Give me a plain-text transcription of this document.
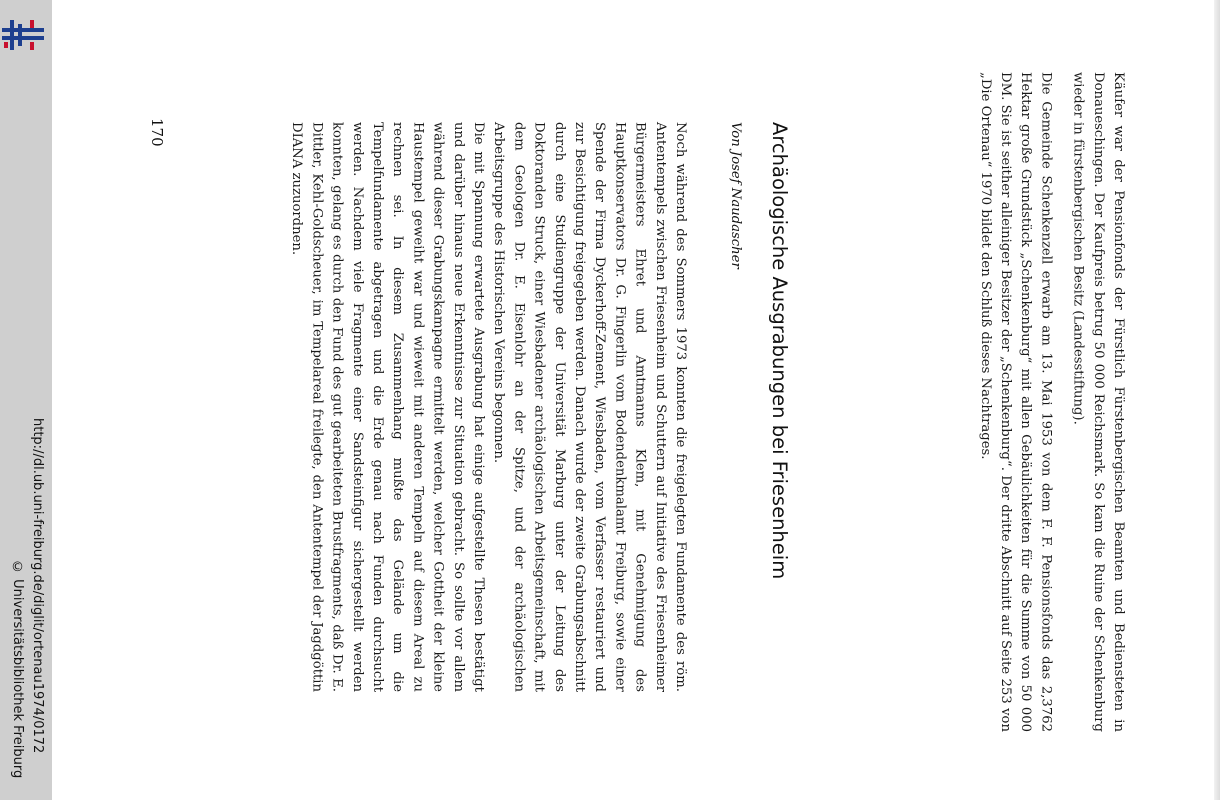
http://dl.ub.uni-freiburg.de/diglit/ortenau1974/0172
© Universitätsbibliothek Freiburg
170	Käufer war der Pensionfonds der Fürstlich Fürstenbergischen Beamten und Bediensteten in Donaueschingen. Der Kaufpreis betrug 50 000 Reichsmark. So kam die Ruine der Schenkenburg wieder in fürstenbergischen Besitz (Landesstiftung).

Die Gemeinde Schenkenzell erwarb am 13. Mai 1953 von dem F. F. Pensionsfonds das 2,3762 Hektar große Grundstück „Schenkenburg“ mit allen Gebäulichkeiten für die Summe von 50 000 DM. Sie ist seither alleiniger Besitzer der „Schenkenburg“. Der dritte Abschnitt auf Seite 253 von „Die Ortenau“ 1970 bildet den Schluß dieses Nachtrages.

Archäologische Ausgrabungen bei Friesenheim
Von Josef Naudascher

Noch während des Sommers 1973 konnten die freigelegten Fundamente des röm. Antentempels zwischen Friesenheim und Schuttern auf Initiative des Friesenheimer Bürgermeisters Ehret und Amtmanns Klem, mit Genehmigung des Hauptkonservators Dr. G. Fingerlin vom Bodendenkmalamt Freiburg, sowie einer Spende der Firma Dyckerhoff-Zement, Wiesbaden, vom Verfasser restauriert und zur Besichtigung freigegeben werden. Danach wurde der zweite Grabungsabschnitt durch eine Studiengruppe der Universität Marburg unter der Leitung des Doktoranden Struck, einer Wiesbadener archäologischen Arbeitsgemeinschaft, mit dem Geologen Dr. E. Eisenlohr an der Spitze, und der archäologischen Arbeitsgruppe des Historischen Vereins begonnen.

Die mit Spannung erwartete Ausgrabung hat einige aufgestellte Thesen bestätigt und darüber hinaus neue Erkenntnisse zur Situation gebracht. So sollte vor allem während dieser Grabungskampagne ermittelt werden, welcher Gottheit der kleine Haustempel geweiht war und wieweit mit anderen Tempeln auf diesem Areal zu rechnen sei. In diesem Zusammenhang mußte das Gelände um die Tempelfundamente abgetragen und die Erde genau nach Funden durchsucht werden. Nachdem viele Fragmente einer Sandsteinfigur sichergestellt werden konnten, gelang es durch den Fund des gut gearbeiteten Brustfragments, daß Dr. E. Dittler, Kehl-Goldscheuer, im Tempelareal freilegte, den Antentempel der Jagdgöttin DIANA zuzuordnen.
